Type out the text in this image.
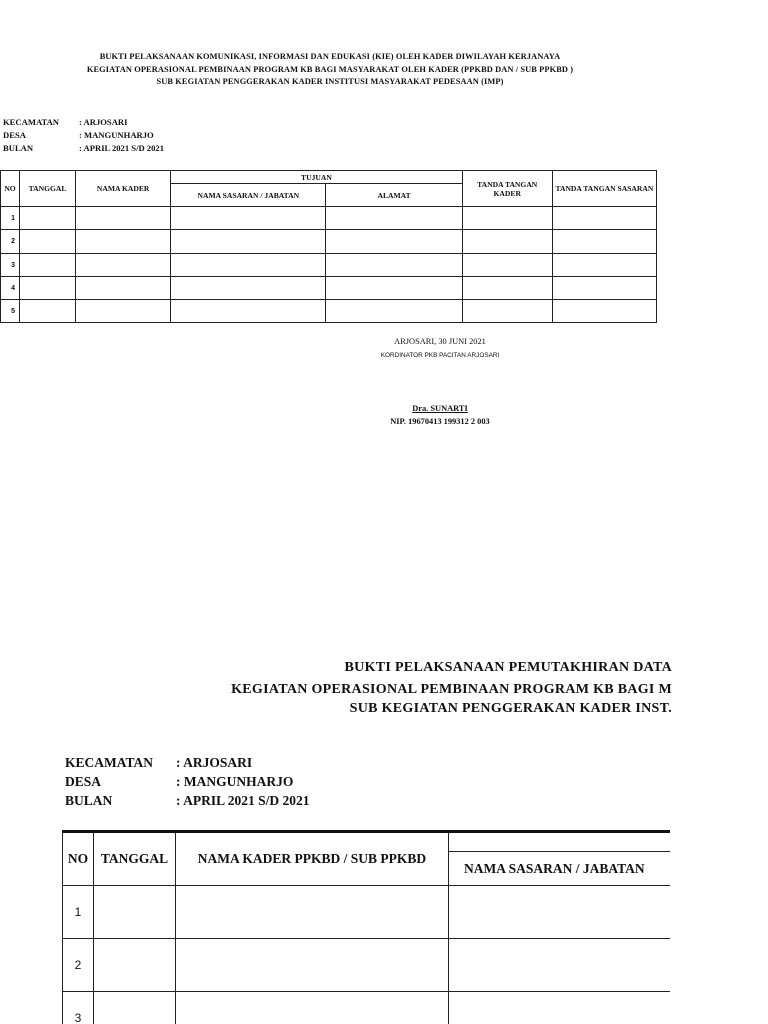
BUKTI PELAKSANAAN KOMUNIKASI, INFORMASI DAN EDUKASI (KIE) OLEH KADER DIWILAYAH KERJANAYA
KEGIATAN OPERASIONAL PEMBINAAN PROGRAM KB BAGI MASYARAKAT OLEH KADER (PPKBD DAN / SUB PPKBD )
SUB KEGIATAN PENGGERAKAN KADER INSTITUSI MASYARAKAT PEDESAAN (IMP)
KECAMATAN	: ARJOSARI
DESA	: MANGUNHARJO
BULAN	: APRIL 2021 S/D 2021
NO	TANGGAL	NAMA KADER	TUJUAN		TANDA TANGAN KADER	TANDA TANGAN SASARAN
			NAMA SASARAN / JABATAN	ALAMAT		
1						
2						
3						
4						
5						
ARJOSARI, 30 JUNI 2021
KORDINATOR PKB PACITAN ARJOSARI
Dra. SUNARTI
NIP. 19670413 199312 2 003
BUKTI PELAKSANAAN PEMUTAKHIRAN DATA
KEGIATAN OPERASIONAL PEMBINAAN PROGRAM KB BAGI M
SUB KEGIATAN PENGGERAKAN KADER INST.
KECAMATAN	: ARJOSARI
DESA	: MANGUNHARJO
BULAN	: APRIL 2021 S/D 2021
NO	TANGGAL	NAMA KADER PPKBD / SUB PPKBD	
			NAMA SASARAN / JABATAN
1			
2			
3			
